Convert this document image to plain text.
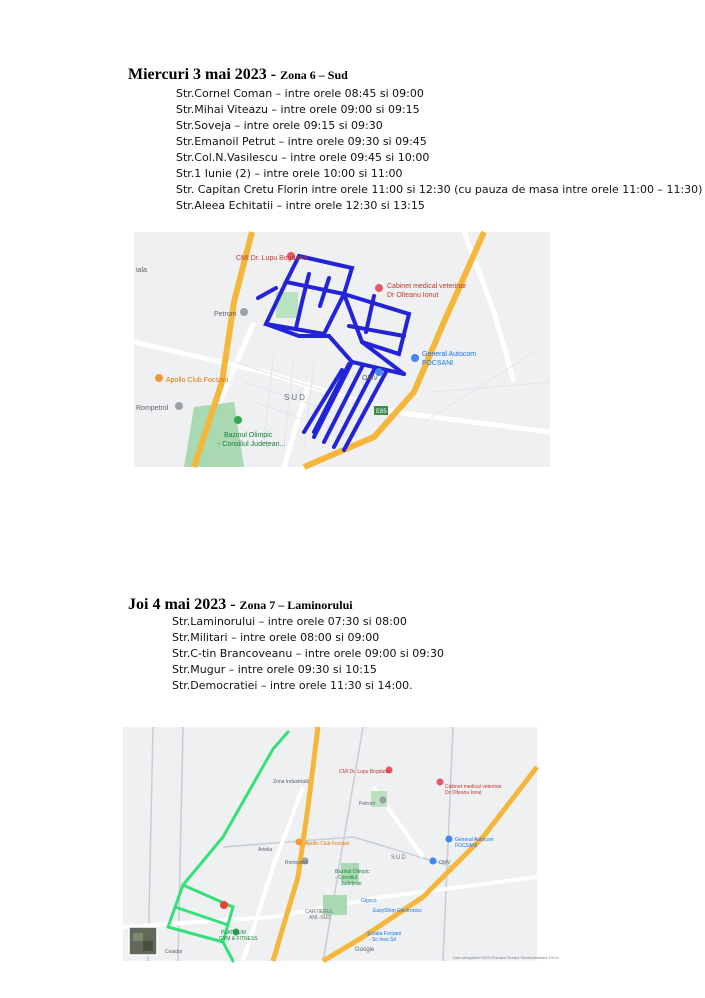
Miercuri 3 mai 2023 - Zona 6 – Sud
Str.Cornel Coman – intre orele 08:45 si 09:00
Str.Mihai Viteazu – intre orele 09:00 si 09:15
Str.Soveja – intre orele 09:15 si 09:30
Str.Emanoil Petrut – intre orele 09:30 si 09:45
Str.Col.N.Vasilescu – intre orele 09:45 si 10:00
Str.1 Iunie (2) – intre orele 10:00 si 11:00
Str. Capitan Cretu Florin intre orele 11:00 si 12:30 (cu pauza de masa intre orele 11:00 – 11:30)
Str.Aleea Echitatii – intre orele 12:30 si 13:15
CMI Dr. Lupu Bogdana
Cabinet medical veterinar
Dr Olteanu Ionut
iala
Petrom
General Autocom
FOCSANI
OMV
Apollo Club Focsani
SUD
Rompetrol	E85
Bazinul Olimpic
- Consiliul Județean...
Joi 4 mai 2023 - Zona 7 – Laminorului
Str.Laminorului – intre orele 07:30 si 08:00
Str.Militari – intre orele 08:00 si 09:00
Str.C-tin Brancoveanu – intre orele 09:00 si 09:30
Str.Mugur – intre orele 09:30 si 10:15
Str.Democratiei – intre orele 11:30 si 14:00.
Zona Industrială
CMI Dr. Lupu Bogdana
Cabinet medical veterinar
Dr Olteanu Ionut
Petrom
Apollo Club Focsani
Artelia
Rompetrol
General Autocom
FOCSANI
OMV
SUD
Bazinul Olimpic
- Consiliul
Județean
Gipsco
EasyShop Electronics
CARTIERUL
ANL-SUD
PLATINUM
GYM & FITNESS
Școala Focșani
- Sc Inos Srl
Google
Ceaidar
Date cartografice ©2023 Romania Termeni Trimiteți feedback 100 m
